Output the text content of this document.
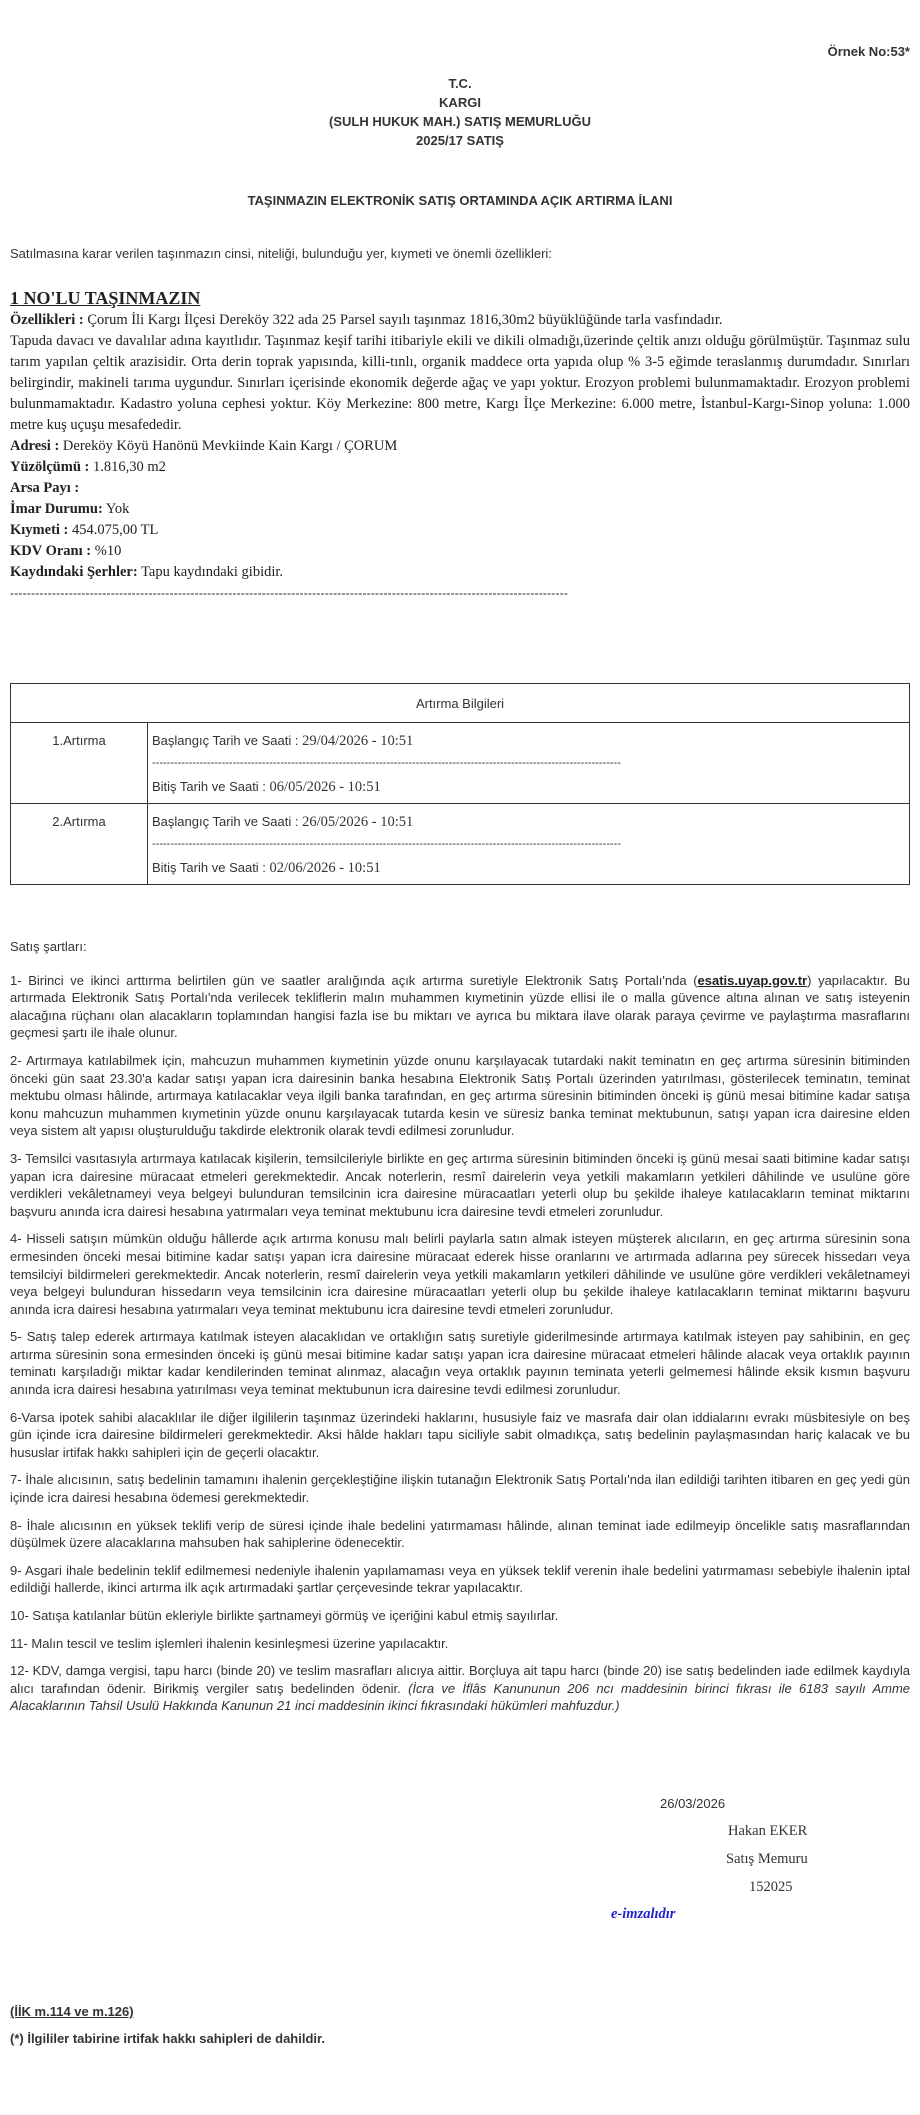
Örnek No:53*
T.C.
KARGI
(SULH HUKUK MAH.) SATIŞ MEMURLUĞU
2025/17 SATIŞ
TAŞINMAZIN ELEKTRONİK SATIŞ ORTAMINDA AÇIK ARTIRMA İLANI
Satılmasına karar verilen taşınmazın cinsi, niteliği, bulunduğu yer, kıymeti ve önemli özellikleri:
1 NO'LU TAŞINMAZIN

Özellikleri : Çorum İli Kargı İlçesi Dereköy 322 ada 25 Parsel sayılı taşınmaz 1816,30m2 büyüklüğünde tarla vasfındadır.

Tapuda davacı ve davalılar adına kayıtlıdır. Taşınmaz keşif tarihi itibariyle ekili ve dikili olmadığı,üzerinde çeltik anızı olduğu görülmüştür. Taşınmaz sulu tarım yapılan çeltik arazisidir. Orta derin toprak yapısında, killi-tınlı, organik maddece orta yapıda olup % 3-5 eğimde teraslanmış durumdadır. Sınırları belirgindir, makineli tarıma uygundur. Sınırları içerisinde ekonomik değerde ağaç ve yapı yoktur. Erozyon problemi bulunmamaktadır. Erozyon problemi bulunmamaktadır. Kadastro yoluna cephesi yoktur. Köy Merkezine: 800 metre, Kargı İlçe Merkezine: 6.000 metre, İstanbul-Kargı-Sinop yoluna: 1.000 metre kuş uçuşu mesafededir.

Adresi : Dereköy Köyü Hanönü Mevkiinde Kain Kargı / ÇORUM

Yüzölçümü : 1.816,30 m2

Arsa Payı :

İmar Durumu: Yok

Kıymeti : 454.075,00 TL

KDV Oranı : %10

Kaydındaki Şerhler: Tapu kaydındaki gibidir.

-------------------------------------------------------------------------------------------------------------------------------------
Artırma Bilgileri	
1.Artırma	Başlangıç Tarih ve Saati : 29/04/2026 - 10:51
--------------------------------------------------------------------------------------------------------------------------------
Bitiş Tarih ve Saati : 06/05/2026 - 10:51

2.Artırma	Başlangıç Tarih ve Saati : 26/05/2026 - 10:51
--------------------------------------------------------------------------------------------------------------------------------
Bitiş Tarih ve Saati : 02/06/2026 - 10:51

Satış şartları:

1- Birinci ve ikinci arttırma belirtilen gün ve saatler aralığında açık artırma suretiyle Elektronik Satış Portalı'nda (esatis.uyap.gov.tr) yapılacaktır. Bu artırmada Elektronik Satış Portalı'nda verilecek tekliflerin malın muhammen kıymetinin yüzde ellisi ile o malla güvence altına alınan ve satış isteyenin alacağına rüçhanı olan alacakların toplamından hangisi fazla ise bu miktarı ve ayrıca bu miktara ilave olarak paraya çevirme ve paylaştırma masraflarını geçmesi şartı ile ihale olunur.

2- Artırmaya katılabilmek için, mahcuzun muhammen kıymetinin yüzde onunu karşılayacak tutardaki nakit teminatın en geç artırma süresinin bitiminden önceki gün saat 23.30'a kadar satışı yapan icra dairesinin banka hesabına Elektronik Satış Portalı üzerinden yatırılması, gösterilecek teminatın, teminat mektubu olması hâlinde, artırmaya katılacaklar veya ilgili banka tarafından, en geç artırma süresinin bitiminden önceki iş günü mesai bitimine kadar satışa konu mahcuzun muhammen kıymetinin yüzde onunu karşılayacak tutarda kesin ve süresiz banka teminat mektubunun, satışı yapan icra dairesine elden veya sistem alt yapısı oluşturulduğu takdirde elektronik olarak tevdi edilmesi zorunludur.

3- Temsilci vasıtasıyla artırmaya katılacak kişilerin, temsilcileriyle birlikte en geç artırma süresinin bitiminden önceki iş günü mesai saati bitimine kadar satışı yapan icra dairesine müracaat etmeleri gerekmektedir. Ancak noterlerin, resmî dairelerin veya yetkili makamların yetkileri dâhilinde ve usulüne göre verdikleri vekâletnameyi veya belgeyi bulunduran temsilcinin icra dairesine müracaatları yeterli olup bu şekilde ihaleye katılacakların teminat miktarını başvuru anında icra dairesi hesabına yatırmaları veya teminat mektubunu icra dairesine tevdi etmeleri zorunludur.

4- Hisseli satışın mümkün olduğu hâllerde açık artırma konusu malı belirli paylarla satın almak isteyen müşterek alıcıların, en geç artırma süresinin sona ermesinden önceki mesai bitimine kadar satışı yapan icra dairesine müracaat ederek hisse oranlarını ve artırmada adlarına pey sürecek hissedarı veya temsilciyi bildirmeleri gerekmektedir. Ancak noterlerin, resmî dairelerin veya yetkili makamların yetkileri dâhilinde ve usulüne göre verdikleri vekâletnameyi veya belgeyi bulunduran hissedarın veya temsilcinin icra dairesine müracaatları yeterli olup bu şekilde ihaleye katılacakların teminat miktarını başvuru anında icra dairesi hesabına yatırmaları veya teminat mektubunu icra dairesine tevdi etmeleri zorunludur.

5- Satış talep ederek artırmaya katılmak isteyen alacaklıdan ve ortaklığın satış suretiyle giderilmesinde artırmaya katılmak isteyen pay sahibinin, en geç artırma süresinin sona ermesinden önceki iş günü mesai bitimine kadar satışı yapan icra dairesine müracaat etmeleri hâlinde alacak veya ortaklık payının teminatı karşıladığı miktar kadar kendilerinden teminat alınmaz, alacağın veya ortaklık payının teminata yeterli gelmemesi hâlinde eksik kısmın başvuru anında icra dairesi hesabına yatırılması veya teminat mektubunun icra dairesine tevdi edilmesi zorunludur.

6-Varsa ipotek sahibi alacaklılar ile diğer ilgililerin taşınmaz üzerindeki haklarını, hususiyle faiz ve masrafa dair olan iddialarını evrakı müsbitesiyle on beş gün içinde icra dairesine bildirmeleri gerekmektedir. Aksi hâlde hakları tapu siciliyle sabit olmadıkça, satış bedelinin paylaşmasından hariç kalacak ve bu hususlar irtifak hakkı sahipleri için de geçerli olacaktır.

7- İhale alıcısının, satış bedelinin tamamını ihalenin gerçekleştiğine ilişkin tutanağın Elektronik Satış Portalı'nda ilan edildiği tarihten itibaren en geç yedi gün içinde icra dairesi hesabına ödemesi gerekmektedir.

8- İhale alıcısının en yüksek teklifi verip de süresi içinde ihale bedelini yatırmaması hâlinde, alınan teminat iade edilmeyip öncelikle satış masraflarından düşülmek üzere alacaklarına mahsuben hak sahiplerine ödenecektir.

9- Asgari ihale bedelinin teklif edilmemesi nedeniyle ihalenin yapılamaması veya en yüksek teklif verenin ihale bedelini yatırmaması sebebiyle ihalenin iptal edildiği hallerde, ikinci artırma ilk açık artırmadaki şartlar çerçevesinde tekrar yapılacaktır.

10- Satışa katılanlar bütün ekleriyle birlikte şartnameyi görmüş ve içeriğini kabul etmiş sayılırlar.

11- Malın tescil ve teslim işlemleri ihalenin kesinleşmesi üzerine yapılacaktır.

12- KDV, damga vergisi, tapu harcı (binde 20) ve teslim masrafları alıcıya aittir. Borçluya ait tapu harcı (binde 20) ise satış bedelinden iade edilmek kaydıyla alıcı tarafından ödenir. Birikmiş vergiler satış bedelinden ödenir. (İcra ve İflâs Kanununun 206 ncı maddesinin birinci fıkrası ile 6183 sayılı Amme Alacaklarının Tahsil Usulü Hakkında Kanunun 21 inci maddesinin ikinci fıkrasındaki hükümleri mahfuzdur.)

26/03/2026
Hakan EKER
Satış Memuru
152025
e-imzalıdır
(İİK m.114 ve m.126)
(*) İlgililer tabirine irtifak hakkı sahipleri de dahildir.
